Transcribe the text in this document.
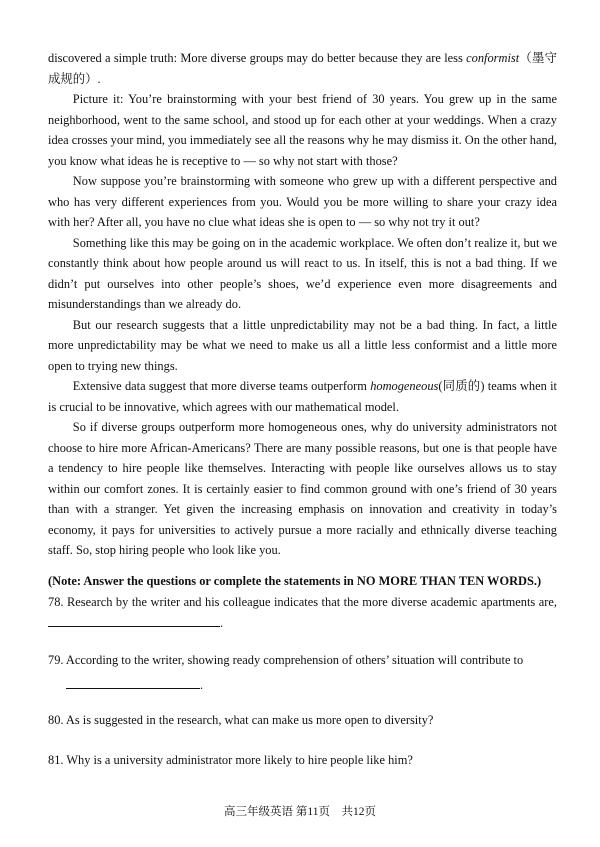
discovered a simple truth: More diverse groups may do better because they are less conformist（墨守成规的）.

Picture it: You’re brainstorming with your best friend of 30 years. You grew up in the same neighborhood, went to the same school, and stood up for each other at your weddings. When a crazy idea crosses your mind, you immediately see all the reasons why he may dismiss it. On the other hand, you know what ideas he is receptive to — so why not start with those?

Now suppose you’re brainstorming with someone who grew up with a different perspective and who has very different experiences from you. Would you be more willing to share your crazy idea with her? After all, you have no clue what ideas she is open to — so why not try it out?

Something like this may be going on in the academic workplace. We often don’t realize it, but we constantly think about how people around us will react to us. In itself, this is not a bad thing. If we didn’t put ourselves into other people’s shoes, we’d experience even more disagreements and misunderstandings than we already do.

But our research suggests that a little unpredictability may not be a bad thing. In fact, a little more unpredictability may be what we need to make us all a little less conformist and a little more open to trying new things.

Extensive data suggest that more diverse teams outperform homogeneous(同质的) teams when it is crucial to be innovative, which agrees with our mathematical model.

So if diverse groups outperform more homogeneous ones, why do university administrators not choose to hire more African-Americans? There are many possible reasons, but one is that people have a tendency to hire people like themselves. Interacting with people like ourselves allows us to stay within our comfort zones. It is certainly easier to find common ground with one’s friend of 30 years than with a stranger. Yet given the increasing emphasis on innovation and creativity in today’s economy, it pays for universities to actively pursue a more racially and ethnically diverse teaching staff. So, stop hiring people who look like you.

(Note: Answer the questions or complete the statements in NO MORE THAN TEN WORDS.)
78. Research by the writer and his colleague indicates that the more diverse academic apartments are, .
79. According to the writer, showing ready comprehension of others’ situation will contribute to
.
80. As is suggested in the research, what can make us more open to diversity?
81. Why is a university administrator more likely to hire people like him?
高三年级英语 第11页　共12页
